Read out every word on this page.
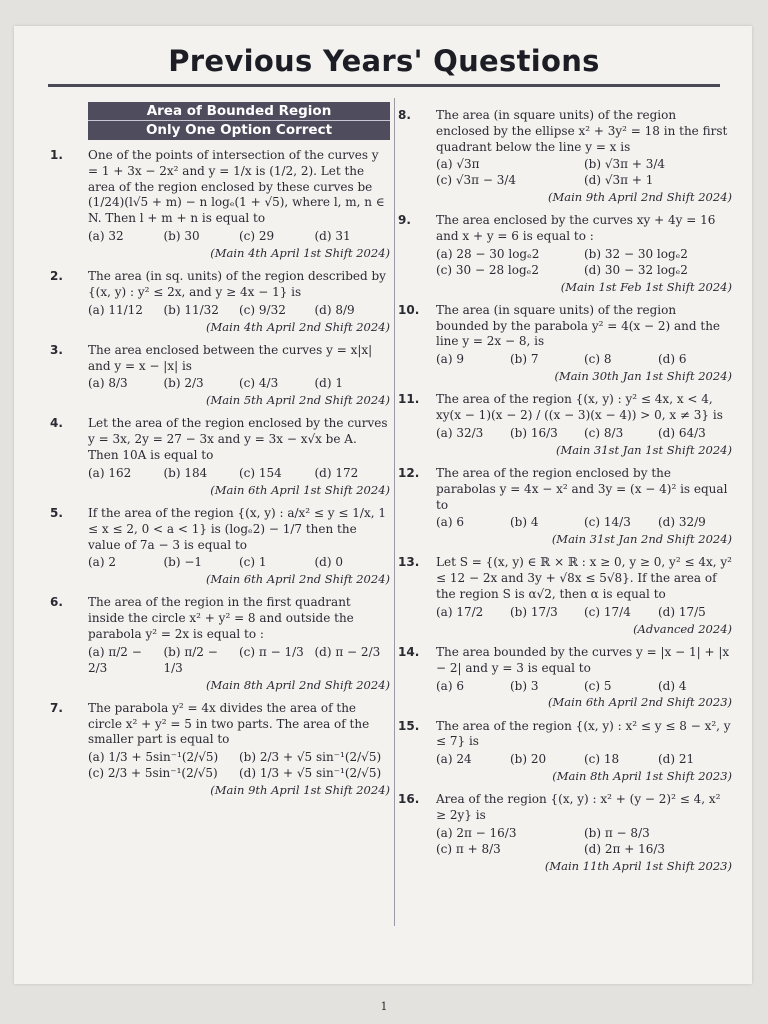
Previous Years' Questions
Area of Bounded Region
Only One Option Correct
1. One of the points of intersection of the curves y = 1 + 3x − 2x² and y = 1/x is (1/2, 2). Let the area of the region enclosed by these curves be (1/24)(l√5 + m) − n logₑ(1 + √5), where l, m, n ∈ N. Then l + m + n is equal to
(a) 32	(b) 30	(c) 29	(d) 31
(Main 4th April 1st Shift 2024)
2. The area (in sq. units) of the region described by {(x, y) : y² ≤ 2x, and y ≥ 4x − 1} is
(a) 11/12	(b) 11/32	(c) 9/32	(d) 8/9
(Main 4th April 2nd Shift 2024)
3. The area enclosed between the curves y = x|x| and y = x − |x| is
(a) 8/3	(b) 2/3	(c) 4/3	(d) 1
(Main 5th April 2nd Shift 2024)
4. Let the area of the region enclosed by the curves y = 3x, 2y = 27 − 3x and y = 3x − x√x be A. Then 10A is equal to
(a) 162	(b) 184	(c) 154	(d) 172
(Main 6th April 1st Shift 2024)
5. If the area of the region {(x, y) : a/x² ≤ y ≤ 1/x, 1 ≤ x ≤ 2, 0 < a < 1} is (logₑ2) − 1/7 then the value of 7a − 3 is equal to
(a) 2	(b) −1	(c) 1	(d) 0
(Main 6th April 2nd Shift 2024)
6. The area of the region in the first quadrant inside the circle x² + y² = 8 and outside the parabola y² = 2x is equal to :
(a) π/2 − 2/3
(b) π/2 − 1/3
(c) π − 1/3 (d) π − 2/3
(Main 8th April 2nd Shift 2024)
7. The parabola y² = 4x divides the area of the circle x² + y² = 5 in two parts. The area of the smaller part is equal to
(a) 1/3 + 5sin⁻¹(2/√5)	(b) 2/3 + √5 sin⁻¹(2/√5)
(c) 2/3 + 5sin⁻¹(2/√5)	(d) 1/3 + √5 sin⁻¹(2/√5)
(Main 9th April 1st Shift 2024)
8. The area (in square units) of the region enclosed by the ellipse x² + 3y² = 18 in the first quadrant below the line y = x is
(a) √3π	(b) √3π + 3/4
(c) √3π − 3/4	(d) √3π + 1
(Main 9th April 2nd Shift 2024)
9. The area enclosed by the curves xy + 4y = 16 and x + y = 6 is equal to :
(a) 28 − 30 logₑ2	(b) 32 − 30 logₑ2
(c) 30 − 28 logₑ2	(d) 30 − 32 logₑ2
(Main 1st Feb 1st Shift 2024)
10. The area (in square units) of the region bounded by the parabola y² = 4(x − 2) and the line y = 2x − 8, is
(a) 9	(b) 7	(c) 8	(d) 6
(Main 30th Jan 1st Shift 2024)
11. The area of the region {(x, y) : y² ≤ 4x, x < 4, xy(x − 1)(x − 2) / ((x − 3)(x − 4)) > 0, x ≠ 3} is
(a) 32/3	(b) 16/3	(c) 8/3	(d) 64/3
(Main 31st Jan 1st Shift 2024)
12. The area of the region enclosed by the parabolas y = 4x − x² and 3y = (x − 4)² is equal to
(a) 6	(b) 4	(c) 14/3	(d) 32/9
(Main 31st Jan 2nd Shift 2024)
13. Let S = {(x, y) ∈ ℝ × ℝ : x ≥ 0, y ≥ 0, y² ≤ 4x, y² ≤ 12 − 2x and 3y + √8x ≤ 5√8}. If the area of the region S is α√2, then α is equal to
(a) 17/2	(b) 17/3	(c) 17/4	(d) 17/5
(Advanced 2024)
14. The area bounded by the curves y = |x − 1| + |x − 2| and y = 3 is equal to
(a) 6	(b) 3	(c) 5	(d) 4
(Main 6th April 2nd Shift 2023)
15. The area of the region {(x, y) : x² ≤ y ≤ 8 − x², y ≤ 7} is
(a) 24	(b) 20	(c) 18	(d) 21
(Main 8th April 1st Shift 2023)
16. Area of the region {(x, y) : x² + (y − 2)² ≤ 4, x² ≥ 2y} is
(a) 2π − 16/3	(b) π − 8/3
(c) π + 8/3	(d) 2π + 16/3
(Main 11th April 1st Shift 2023)
1
